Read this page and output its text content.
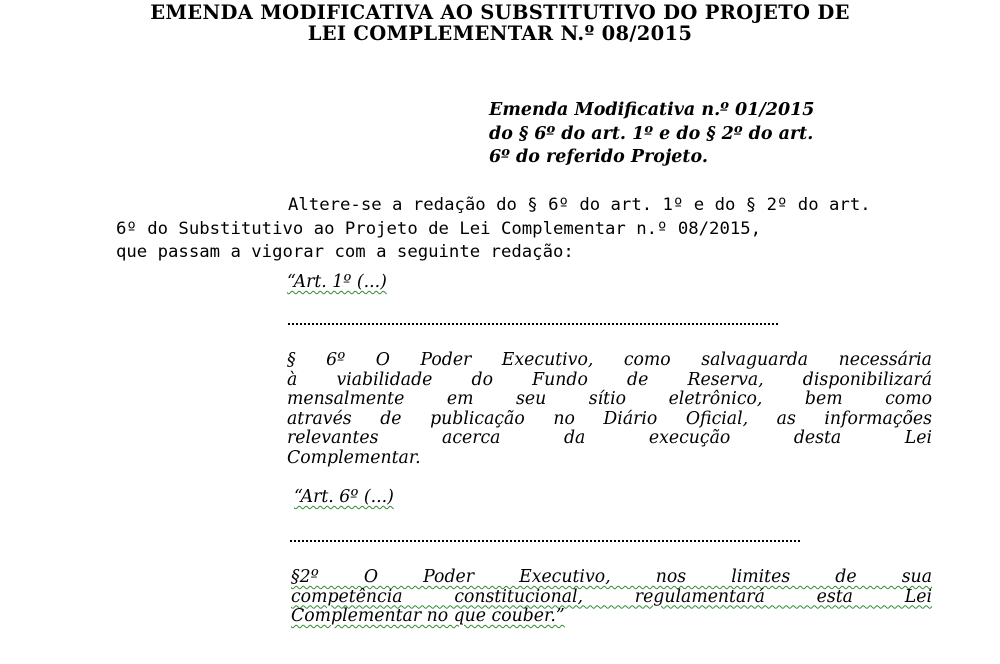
EMENDA MODIFICATIVA AO SUBSTITUTIVO DO PROJETO DE
LEI COMPLEMENTAR N.º 08/2015
Emenda Modificativa n.º 01/2015
do § 6º do art. 1º e do § 2º do art.
6º do referido Projeto.
Altere-se a redação do § 6º do art. 1º e do § 2º do art.
6º do Substitutivo ao Projeto de Lei Complementar n.º 08/2015,
que passam a vigorar com a seguinte redação:
“Art. 1º (...)
§ 6º O Poder Executivo, como salvaguarda necessária
à viabilidade do Fundo de Reserva, disponibilizará
mensalmente em seu sítio eletrônico, bem como
através de publicação no Diário Oficial, as informações
relevantes acerca da execução desta Lei
Complementar.
“Art. 6º (...)
§2º O Poder Executivo, nos limites de sua
competência constitucional, regulamentará esta Lei
Complementar no que couber.”
